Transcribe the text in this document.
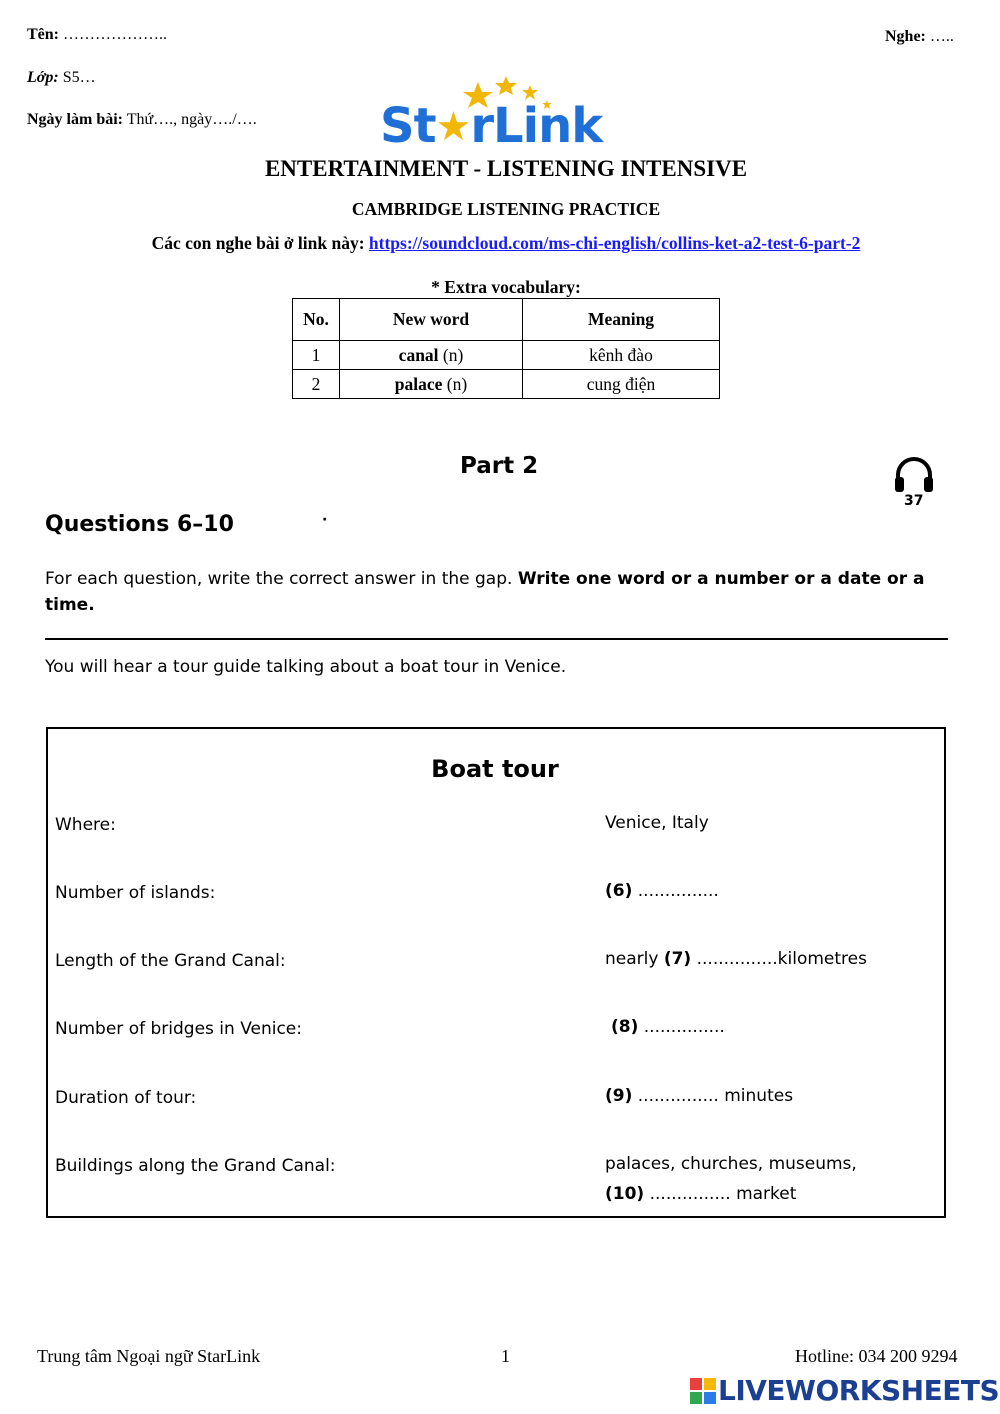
Tên: ………………..	Nghe: …..
Lớp: S5…
Ngày làm bài: Thứ…., ngày…./….	St★rLink
ENTERTAINMENT - LISTENING INTENSIVE
CAMBRIDGE LISTENING PRACTICE
Các con nghe bài ở link này: https://soundcloud.com/ms-chi-english/collins-ket-a2-test-6-part-2
* Extra vocabulary:
No.	New word	Meaning
1	canal (n)	kênh đào
2	palace (n)	cung điện
Part 2
37
Questions 6–10	·
For each question, write the correct answer in the gap. Write one word or a number or a date or a time.
You will hear a tour guide talking about a boat tour in Venice.
Boat tour
Where:	Venice, Italy
Number of islands:	(6) ...............
Length of the Grand Canal:	nearly (7) ...............kilometres
Number of bridges in Venice:	(8) ...............
Duration of tour:	(9) ............... minutes
Buildings along the Grand Canal:	palaces, churches, museums,
(10) ............... market
Trung tâm Ngoại ngữ StarLink	1	Hotline: 034 200 9294
LIVEWORKSHEETS
